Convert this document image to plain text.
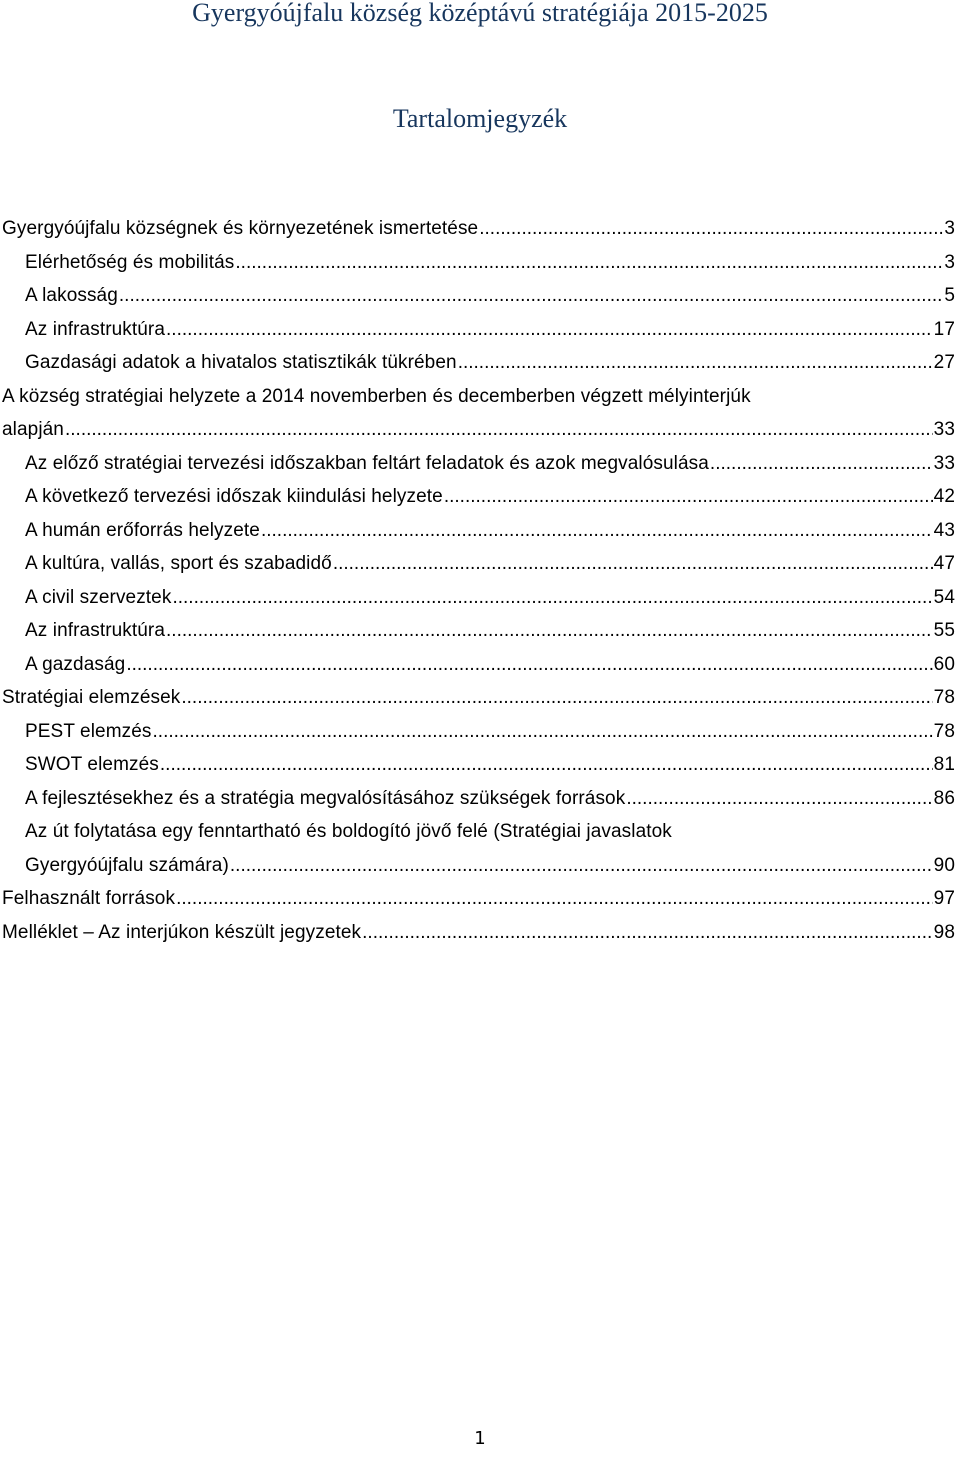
Gyergyóújfalu község középtávú stratégiája 2015-2025
Tartalomjegyzék
Gyergyóújfalu községnek és környezetének ismertetése .....	3
Elérhetőség és mobilitás .....	3
A lakosság .....	5
Az infrastruktúra .....	17
Gazdasági adatok a hivatalos statisztikák tükrében .....	27
A község stratégiai helyzete a 2014 novemberben és decemberben végzett mélyinterjúk
alapján .....	33
Az előző stratégiai tervezési időszakban feltárt feladatok és azok megvalósulása .....	33
A következő tervezési időszak kiindulási helyzete .....	42
A humán erőforrás helyzete .....	43
A kultúra, vallás, sport és szabadidő .....	47
A civil szerveztek .....	54
Az infrastruktúra .....	55
A gazdaság .....	60
Stratégiai elemzések .....	78
PEST elemzés .....	78
SWOT elemzés .....	81
A fejlesztésekhez és a stratégia megvalósításához szükségek források .....	86
Az út folytatása egy fenntartható és boldogító jövő felé (Stratégiai javaslatok
Gyergyóújfalu számára) .....	90
Felhasznált források .....	97
Melléklet – Az interjúkon készült jegyzetek .....	98
1
